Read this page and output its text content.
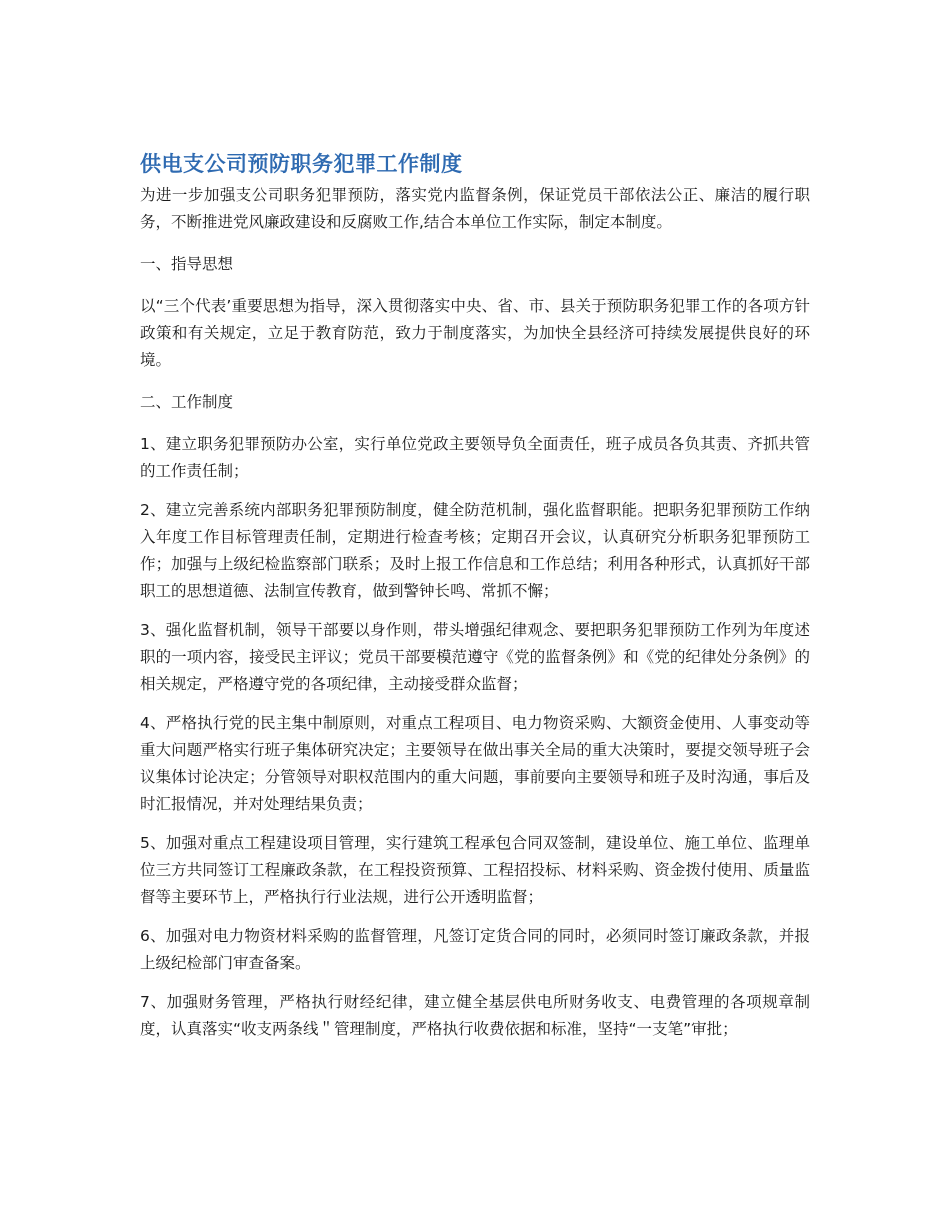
供电支公司预防职务犯罪工作制度

为进一步加强支公司职务犯罪预防，落实党内监督条例，保证党员干部依法公正、廉洁的履行职务，不断推进党风廉政建设和反腐败工作,结合本单位工作实际，制定本制度。

一、指导思想

以“三个代表’重要思想为指导，深入贯彻落实中央、省、市、县关于预防职务犯罪工作的各项方针政策和有关规定，立足于教育防范，致力于制度落实，为加快全县经济可持续发展提供良好的环境。

二、工作制度

1、建立职务犯罪预防办公室，实行单位党政主要领导负全面责任，班子成员各负其责、齐抓共管的工作责任制；

2、建立完善系统内部职务犯罪预防制度，健全防范机制，强化监督职能。把职务犯罪预防工作纳入年度工作目标管理责任制，定期进行检查考核；定期召开会议，认真研究分析职务犯罪预防工作；加强与上级纪检监察部门联系；及时上报工作信息和工作总结；利用各种形式，认真抓好干部职工的思想道德、法制宣传教育，做到警钟长鸣、常抓不懈；

3、强化监督机制，领导干部要以身作则，带头增强纪律观念、要把职务犯罪预防工作列为年度述职的一项内容，接受民主评议；党员干部要模范遵守《党的监督条例》和《党的纪律处分条例》的相关规定，严格遵守党的各项纪律，主动接受群众监督；

4、严格执行党的民主集中制原则，对重点工程项目、电力物资采购、大额资金使用、人事变动等重大问题严格实行班子集体研究决定；主要领导在做出事关全局的重大决策时，要提交领导班子会议集体讨论决定；分管领导对职权范围内的重大问题，事前要向主要领导和班子及时沟通，事后及时汇报情况，并对处理结果负责；

5、加强对重点工程建设项目管理，实行建筑工程承包合同双签制，建设单位、施工单位、监理单位三方共同签订工程廉政条款，在工程投资预算、工程招投标、材料采购、资金拨付使用、质量监督等主要环节上，严格执行行业法规，进行公开透明监督；

6、加强对电力物资材料采购的监督管理，凡签订定货合同的同时，必须同时签订廉政条款，并报上级纪检部门审查备案。

7、加强财务管理，严格执行财经纪律，建立健全基层供电所财务收支、电费管理的各项规章制度，认真落实“收支两条线＂管理制度，严格执行收费依据和标准，坚持“一支笔”审批；
